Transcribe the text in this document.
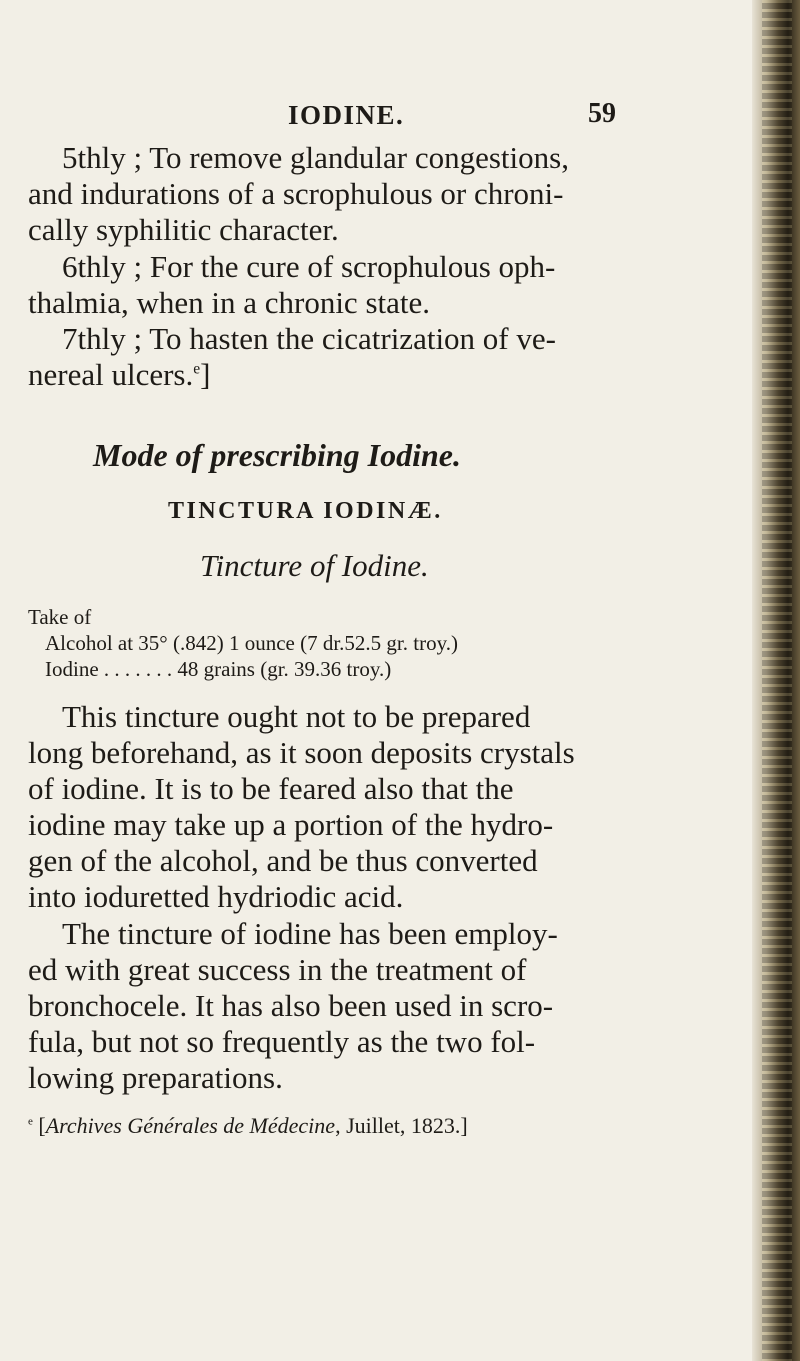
IODINE.	59
5thly ; To remove glandular congestions,
and indurations of a scrophulous or chroni-
cally syphilitic character.
6thly ; For the cure of scrophulous oph-
thalmia, when in a chronic state.
7thly ; To hasten the cicatrization of ve-
nereal ulcers.$^e$]
Mode of prescribing Iodine.
TINCTURA IODINÆ.
Tincture of Iodine.
Take of
Alcohol at 35° (.842) 1 ounce (7 dr.52.5 gr. troy.)
Iodine . . . . . . . 48 grains (gr. 39.36 troy.)
This tincture ought not to be prepared
long beforehand, as it soon deposits crystals
of iodine. It is to be feared also that the
iodine may take up a portion of the hydro-
gen of the alcohol, and be thus converted
into ioduretted hydriodic acid.
The tincture of iodine has been employ-
ed with great success in the treatment of
bronchocele. It has also been used in scro-
fula, but not so frequently as the two fol-
lowing preparations.
$^e$ [Archives Générales de Médecine, Juillet, 1823.]
